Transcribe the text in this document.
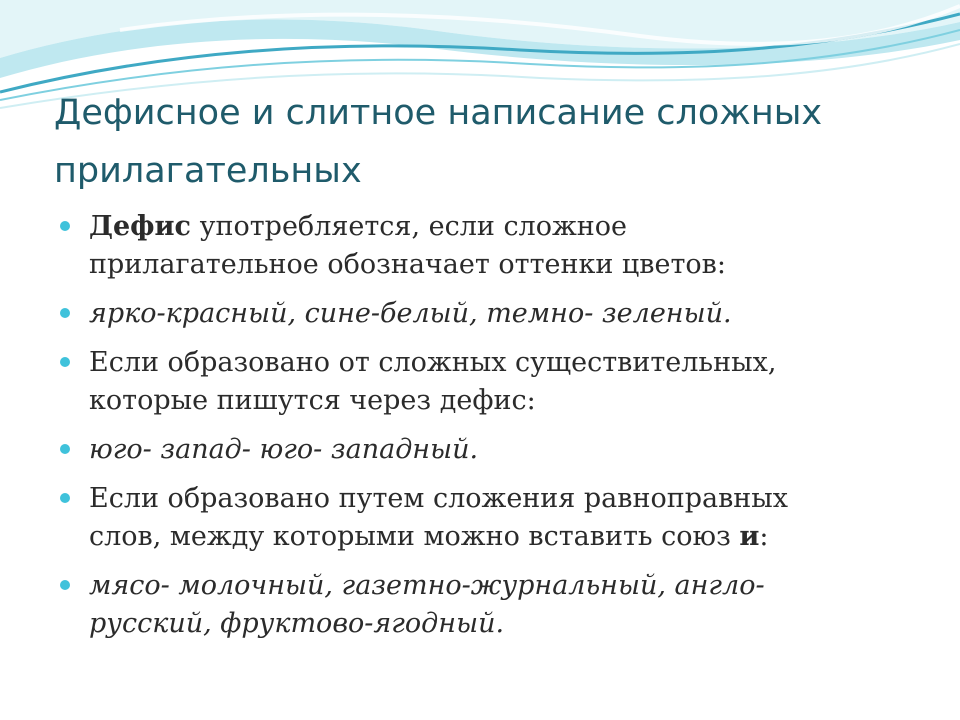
Дефисное и слитное написание сложных прилагательных
Дефис употребляется, если сложное прилагательное обозначает оттенки цветов:
ярко-красный, сине-белый, темно- зеленый.
Если образовано от сложных существительных, которые пишутся через дефис:
юго- запад- юго- западный.
Если образовано путем сложения равноправных слов, между которыми можно вставить союз и:
мясо- молочный, газетно-журнальный, англо-русский, фруктово-ягодный.
